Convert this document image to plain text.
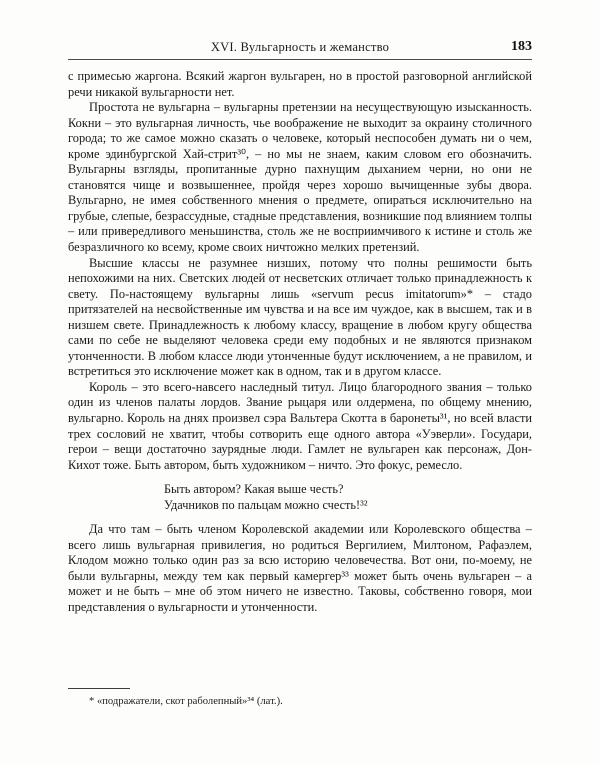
XVI. Вульгарность и жеманство	183

с примесью жаргона. Всякий жаргон вульгарен, но в простой разговорной английской речи никакой вульгарности нет.

Простота не вульгарна – вульгарны претензии на несуществующую изысканность. Кокни – это вульгарная личность, чье воображение не выходит за окраину столичного города; то же самое можно сказать о человеке, который неспособен думать ни о чем, кроме эдинбургской Хай-стрит³⁰, – но мы не знаем, каким словом его обозначить. Вульгарны взгляды, пропитанные дурно пахнущим дыханием черни, но они не становятся чище и возвышеннее, пройдя через хорошо вычищенные зубы двора. Вульгарно, не имея собственного мнения о предмете, опираться исключительно на грубые, слепые, безрассудные, стадные представления, возникшие под влиянием толпы – или привередливого меньшинства, столь же не восприимчивого к истине и столь же безразличного ко всему, кроме своих ничтожно мелких претензий.

Высшие классы не разумнее низших, потому что полны решимости быть непохожими на них. Светских людей от несветских отличает только принадлежность к свету. По-настоящему вульгарны лишь «servum pecus imitatorum»* – стадо притязателей на несвойственные им чувства и на все им чуждое, как в высшем, так и в низшем свете. Принадлежность к любому классу, вращение в любом кругу общества сами по себе не выделяют человека среди ему подобных и не являются признаком утонченности. В любом классе люди утонченные будут исключением, а не правилом, и встретиться это исключение может как в одном, так и в другом классе.

Король – это всего-навсего наследный титул. Лицо благородного звания – только один из членов палаты лордов. Звание рыцаря или олдермена, по общему мнению, вульгарно. Король на днях произвел сэра Вальтера Скотта в баронеты³¹, но всей власти трех сословий не хватит, чтобы сотворить еще одного автора «Уэверли». Государи, герои – вещи достаточно заурядные люди. Гамлет не вульгарен как персонаж, Дон-Кихот тоже. Быть автором, быть художником – ничто. Это фокус, ремесло.

Быть автором? Какая выше честь?
Удачников по пальцам можно счесть!³²

Да что там – быть членом Королевской академии или Королевского общества – всего лишь вульгарная привилегия, но родиться Вергилием, Милтоном, Рафаэлем, Клодом можно только один раз за всю историю человечества. Вот они, по-моему, не были вульгарны, между тем как первый камергер³³ может быть очень вульгарен – а может и не быть – мне об этом ничего не известно. Таковы, собственно говоря, мои представления о вульгарности и утонченности.

* «подражатели, скот раболепный»³⁴ (лат.).
